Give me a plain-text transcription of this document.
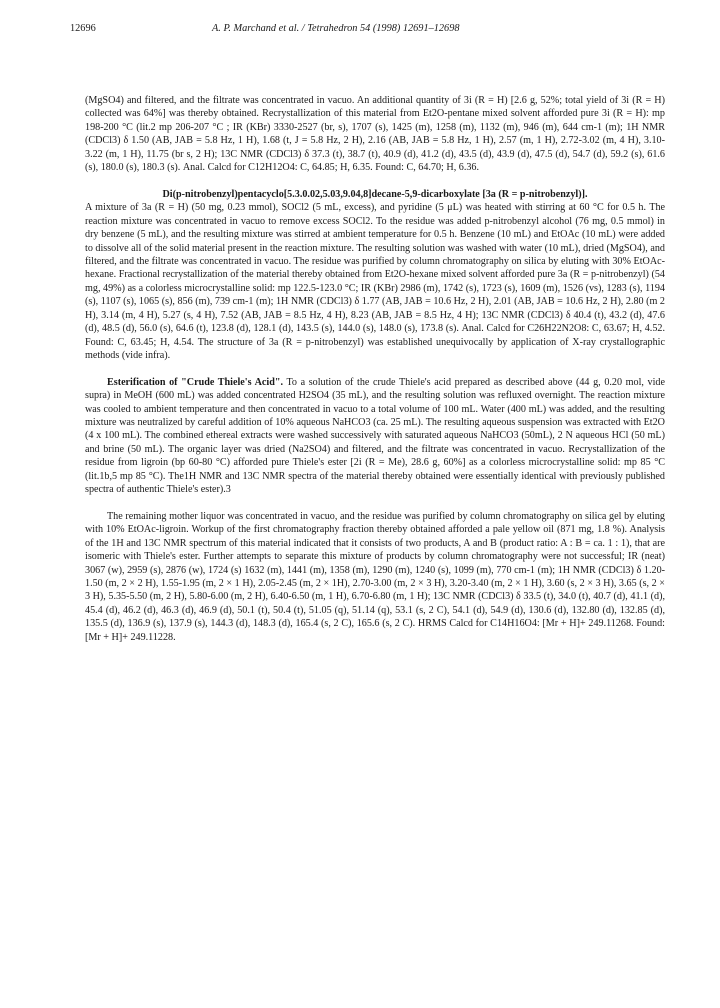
12696	A. P. Marchand et al. / Tetrahedron 54 (1998) 12691–12698

(MgSO4) and filtered, and the filtrate was concentrated in vacuo. An additional quantity of 3i (R = H) [2.6 g, 52%; total yield of 3i (R = H) collected was 64%] was thereby obtained. Recrystallization of this material from Et2O-pentane mixed solvent afforded pure 3i (R = H): mp 198-200 °C (lit.2 mp 206-207 °C ; IR (KBr) 3330-2527 (br, s), 1707 (s), 1425 (m), 1258 (m), 1132 (m), 946 (m), 644 cm-1 (m); 1H NMR (CDCl3) δ 1.50 (AB, JAB = 5.8 Hz, 1 H), 1.68 (t, J = 5.8 Hz, 2 H), 2.16 (AB, JAB = 5.8 Hz, 1 H), 2.57 (m, 1 H), 2.72-3.02 (m, 4 H), 3.10-3.22 (m, 1 H), 11.75 (br s, 2 H); 13C NMR (CDCl3) δ 37.3 (t), 38.7 (t), 40.9 (d), 41.2 (d), 43.5 (d), 43.9 (d), 47.5 (d), 54.7 (d), 59.2 (s), 61.6 (s), 180.0 (s), 180.3 (s). Anal. Calcd for C12H12O4: C, 64.85; H, 6.35. Found: C, 64.70; H, 6.36.

Di(p-nitrobenzyl)pentacyclo[5.3.0.02,5.03,9.04,8]decane-5,9-dicarboxylate [3a (R = p-nitrobenzyl)].

A mixture of 3a (R = H) (50 mg, 0.23 mmol), SOCl2 (5 mL, excess), and pyridine (5 μL) was heated with stirring at 60 °C for 0.5 h. The reaction mixture was concentrated in vacuo to remove excess SOCl2. To the residue was added p-nitrobenzyl alcohol (76 mg, 0.5 mmol) in dry benzene (5 mL), and the resulting mixture was stirred at ambient temperature for 0.5 h. Benzene (10 mL) and EtOAc (10 mL) were added to dissolve all of the solid material present in the reaction mixture. The resulting solution was washed with water (10 mL), dried (MgSO4), and filtered, and the filtrate was concentrated in vacuo. The residue was purified by column chromatography on silica by eluting with 30% EtOAc-hexane. Fractional recrystallization of the material thereby obtained from Et2O-hexane mixed solvent afforded pure 3a (R = p-nitrobenzyl) (54 mg, 49%) as a colorless microcrystalline solid: mp 122.5-123.0 °C; IR (KBr) 2986 (m), 1742 (s), 1723 (s), 1609 (m), 1526 (vs), 1283 (s), 1194 (s), 1107 (s), 1065 (s), 856 (m), 739 cm-1 (m); 1H NMR (CDCl3) δ 1.77 (AB, JAB = 10.6 Hz, 2 H), 2.01 (AB, JAB = 10.6 Hz, 2 H), 2.80 (m 2 H), 3.14 (m, 4 H), 5.27 (s, 4 H), 7.52 (AB, JAB = 8.5 Hz, 4 H), 8.23 (AB, JAB = 8.5 Hz, 4 H); 13C NMR (CDCl3) δ 40.4 (t), 43.2 (d), 47.6 (d), 48.5 (d), 56.0 (s), 64.6 (t), 123.8 (d), 128.1 (d), 143.5 (s), 144.0 (s), 148.0 (s), 173.8 (s). Anal. Calcd for C26H22N2O8: C, 63.67; H, 4.52. Found: C, 63.45; H, 4.54. The structure of 3a (R = p-nitrobenzyl) was established unequivocally by application of X-ray crystallographic methods (vide infra).

Esterification of "Crude Thiele's Acid". To a solution of the crude Thiele's acid prepared as described above (44 g, 0.20 mol, vide supra) in MeOH (600 mL) was added concentrated H2SO4 (35 mL), and the resulting solution was refluxed overnight. The reaction mixture was cooled to ambient temperature and then concentrated in vacuo to a total volume of 100 mL. Water (400 mL) was added, and the resulting mixture was neutralized by careful addition of 10% aqueous NaHCO3 (ca. 25 mL). The resulting aqueous suspension was extracted with Et2O (4 x 100 mL). The combined ethereal extracts were washed successively with saturated aqueous NaHCO3 (50mL), 2 N aqueous HCl (50 mL) and brine (50 mL). The organic layer was dried (Na2SO4) and filtered, and the filtrate was concentrated in vacuo. Recrystallization of the residue from ligroin (bp 60-80 °C) afforded pure Thiele's ester [2i (R = Me), 28.6 g, 60%] as a colorless microcrystalline solid: mp 85 °C (lit.1b,5 mp 85 °C). The1H NMR and 13C NMR spectra of the material thereby obtained were essentially identical with previously published spectra of authentic Thiele's ester).3

The remaining mother liquor was concentrated in vacuo, and the residue was purified by column chromatography on silica gel by eluting with 10% EtOAc-ligroin. Workup of the first chromatography fraction thereby obtained afforded a pale yellow oil (871 mg, 1.8 %). Analysis of the 1H and 13C NMR spectrum of this material indicated that it consists of two products, A and B (product ratio: A : B = ca. 1 : 1), that are isomeric with Thiele's ester. Further attempts to separate this mixture of products by column chromatography were not successful; IR (neat) 3067 (w), 2959 (s), 2876 (w), 1724 (s) 1632 (m), 1441 (m), 1358 (m), 1290 (m), 1240 (s), 1099 (m), 770 cm-1 (m); 1H NMR (CDCl3) δ 1.20-1.50 (m, 2 × 2 H), 1.55-1.95 (m, 2 × 1 H), 2.05-2.45 (m, 2 × 1H), 2.70-3.00 (m, 2 × 3 H), 3.20-3.40 (m, 2 × 1 H), 3.60 (s, 2 × 3 H), 3.65 (s, 2 × 3 H), 5.35-5.50 (m, 2 H), 5.80-6.00 (m, 2 H), 6.40-6.50 (m, 1 H), 6.70-6.80 (m, 1 H); 13C NMR (CDCl3) δ 33.5 (t), 34.0 (t), 40.7 (d), 41.1 (d), 45.4 (d), 46.2 (d), 46.3 (d), 46.9 (d), 50.1 (t), 50.4 (t), 51.05 (q), 51.14 (q), 53.1 (s, 2 C), 54.1 (d), 54.9 (d), 130.6 (d), 132.80 (d), 132.85 (d), 135.5 (d), 136.9 (s), 137.9 (s), 144.3 (d), 148.3 (d), 165.4 (s, 2 C), 165.6 (s, 2 C). HRMS Calcd for C14H16O4: [Mr + H]+ 249.11268. Found: [Mr + H]+ 249.11228.
